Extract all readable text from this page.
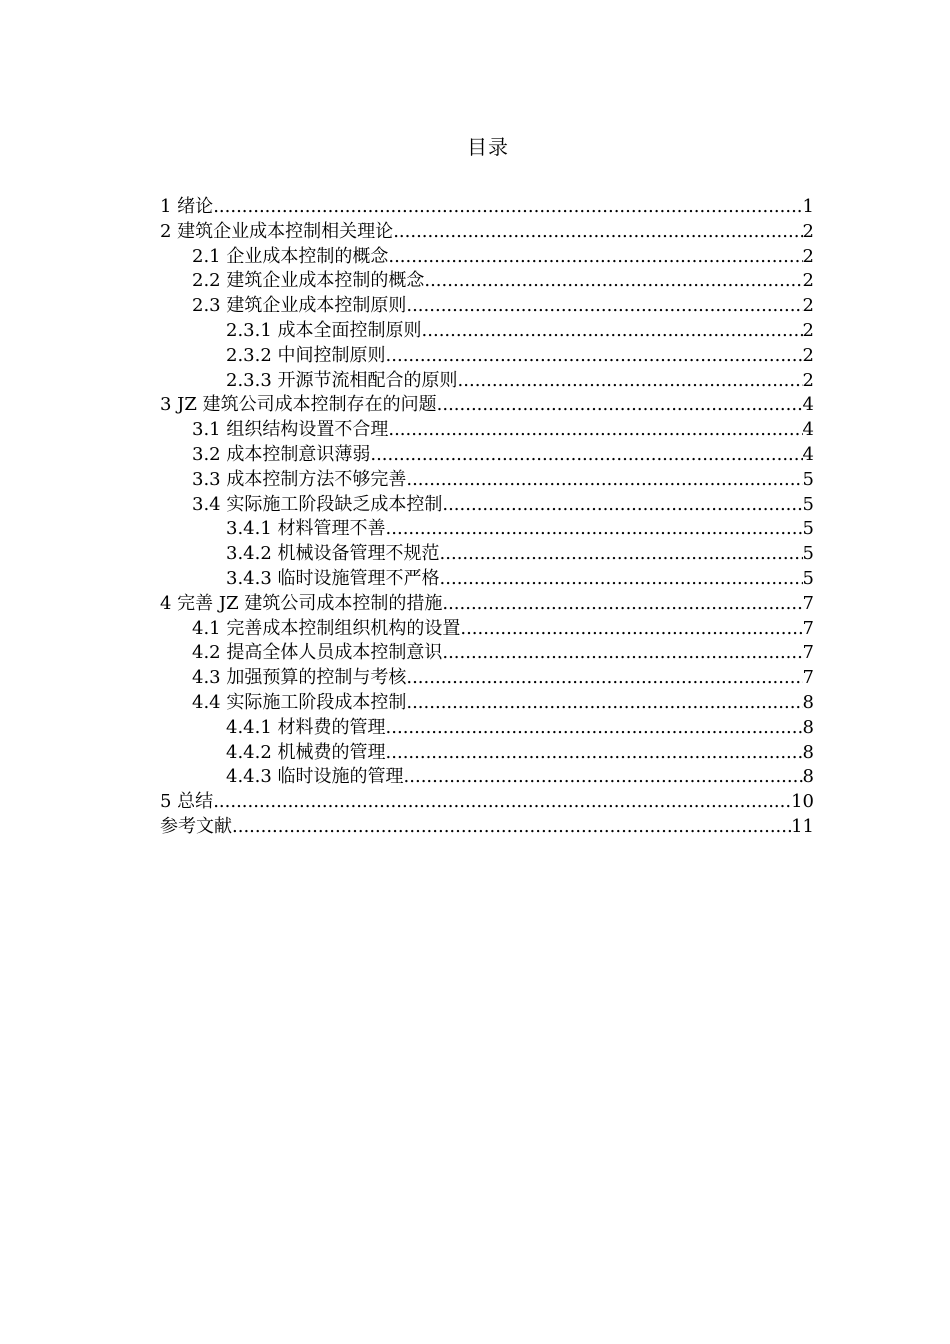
目录
1 绪论 .....	1
2 建筑企业成本控制相关理论 .....	2
2.1 企业成本控制的概念 .....	2
2.2 建筑企业成本控制的概念 .....	2
2.3 建筑企业成本控制原则 .....	2
2.3.1 成本全面控制原则 .....	2
2.3.2 中间控制原则 .....	2
2.3.3 开源节流相配合的原则 .....	2
3 JZ 建筑公司成本控制存在的问题 .....	4
3.1 组织结构设置不合理 .....	4
3.2 成本控制意识薄弱 .....	4
3.3 成本控制方法不够完善 .....	5
3.4 实际施工阶段缺乏成本控制 .....	5
3.4.1 材料管理不善 .....	5
3.4.2 机械设备管理不规范 .....	5
3.4.3 临时设施管理不严格 .....	5
4 完善 JZ 建筑公司成本控制的措施 .....	7
4.1 完善成本控制组织机构的设置 .....	7
4.2 提高全体人员成本控制意识 .....	7
4.3 加强预算的控制与考核 .....	7
4.4 实际施工阶段成本控制 .....	8
4.4.1 材料费的管理 .....	8
4.4.2 机械费的管理 .....	8
4.4.3 临时设施的管理 .....	8
5 总结 .....	10
参考文献 .....	11
